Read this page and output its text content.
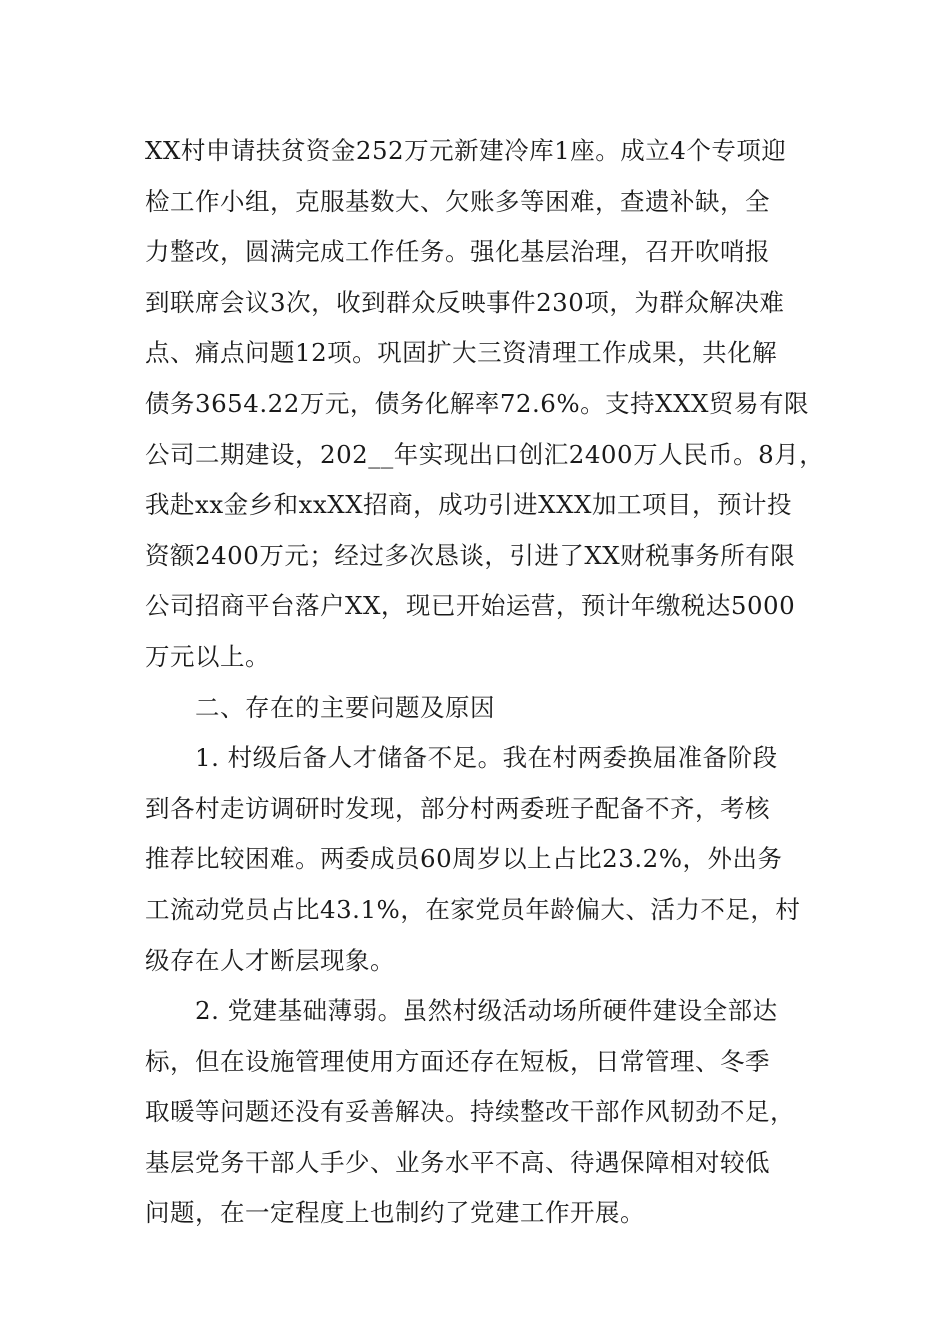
XX村申请扶贫资金252万元新建冷库1座。成立4个专项迎
检工作小组，克服基数大、欠账多等困难，查遗补缺，全
力整改，圆满完成工作任务。强化基层治理，召开吹哨报
到联席会议3次，收到群众反映事件230项，为群众解决难
点、痛点问题12项。巩固扩大三资清理工作成果，共化解
债务3654.22万元，债务化解率72.6%。支持XXX贸易有限
公司二期建设，202__年实现出口创汇2400万人民币。8月，
我赴xx金乡和xxXX招商，成功引进XXX加工项目，预计投
资额2400万元；经过多次恳谈，引进了XX财税事务所有限
公司招商平台落户XX，现已开始运营，预计年缴税达5000
万元以上。
二、存在的主要问题及原因
1. 村级后备人才储备不足。我在村两委换届准备阶段
到各村走访调研时发现，部分村两委班子配备不齐，考核
推荐比较困难。两委成员60周岁以上占比23.2%，外出务
工流动党员占比43.1%，在家党员年龄偏大、活力不足，村
级存在人才断层现象。
2. 党建基础薄弱。虽然村级活动场所硬件建设全部达
标，但在设施管理使用方面还存在短板，日常管理、冬季
取暖等问题还没有妥善解决。持续整改干部作风韧劲不足，
基层党务干部人手少、业务水平不高、待遇保障相对较低
问题，在一定程度上也制约了党建工作开展。
